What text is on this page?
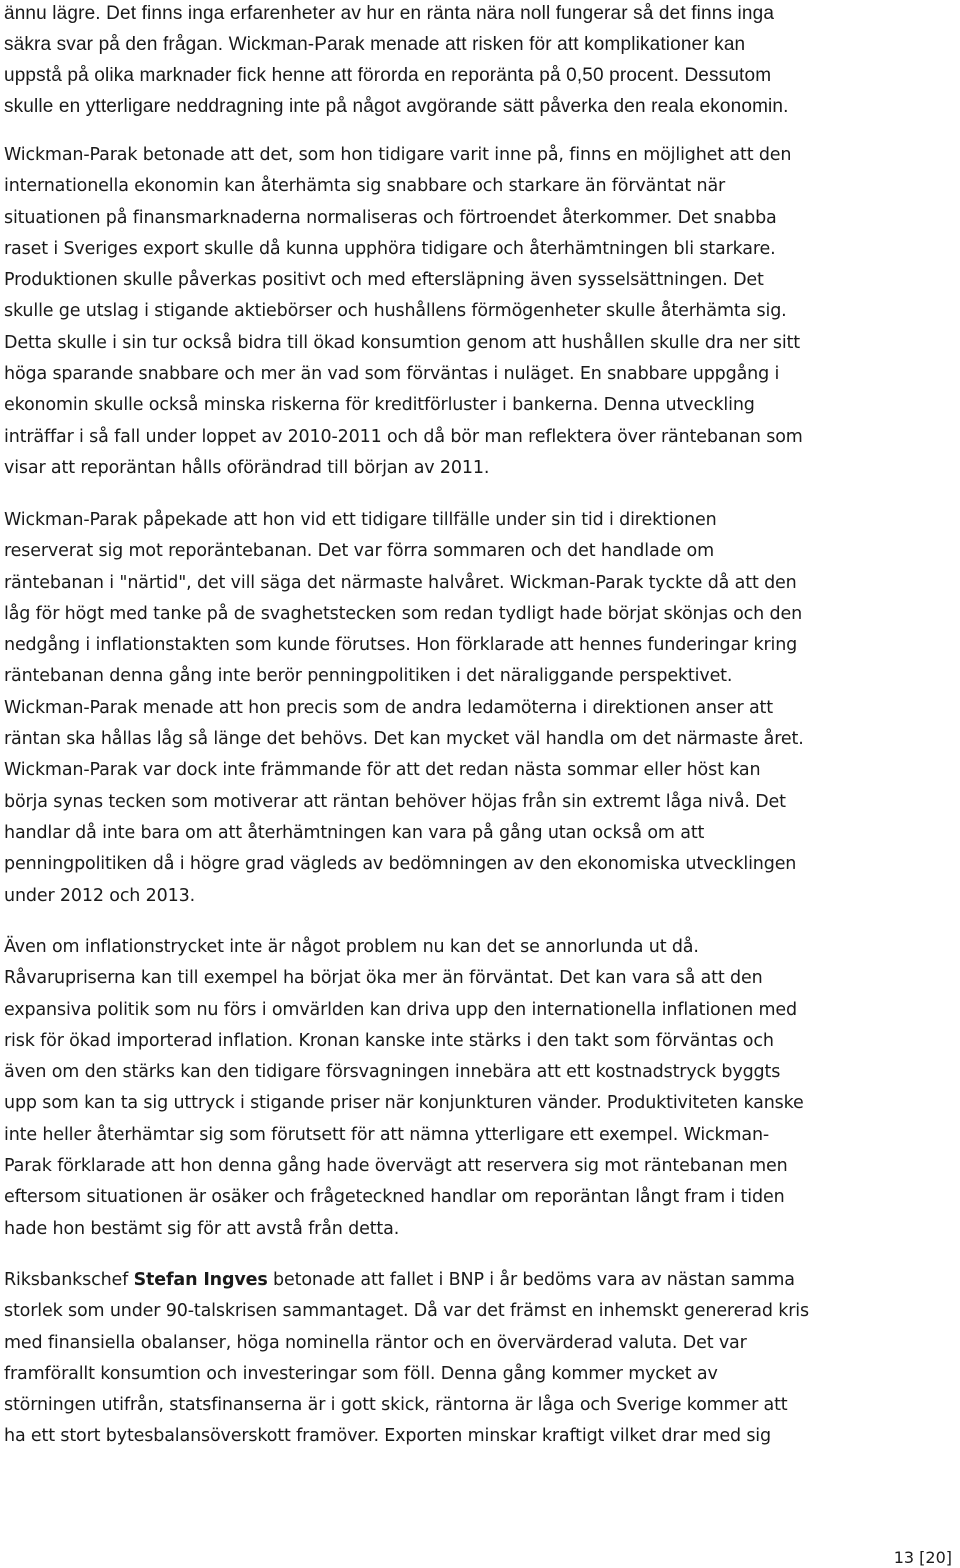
ännu lägre. Det finns inga erfarenheter av hur en ränta nära noll fungerar så det finns inga
säkra svar på den frågan. Wickman-Parak menade att risken för att komplikationer kan
uppstå på olika marknader fick henne att förorda en reporänta på 0,50 procent. Dessutom
skulle en ytterligare neddragning inte på något avgörande sätt påverka den reala ekonomin.
Wickman-Parak betonade att det, som hon tidigare varit inne på, finns en möjlighet att den
internationella ekonomin kan återhämta sig snabbare och starkare än förväntat när
situationen på finansmarknaderna normaliseras och förtroendet återkommer. Det snabba
raset i Sveriges export skulle då kunna upphöra tidigare och återhämtningen bli starkare.
Produktionen skulle påverkas positivt och med eftersläpning även sysselsättningen. Det
skulle ge utslag i stigande aktiebörser och hushållens förmögenheter skulle återhämta sig.
Detta skulle i sin tur också bidra till ökad konsumtion genom att hushållen skulle dra ner sitt
höga sparande snabbare och mer än vad som förväntas i nuläget. En snabbare uppgång i
ekonomin skulle också minska riskerna för kreditförluster i bankerna. Denna utveckling
inträffar i så fall under loppet av 2010-2011 och då bör man reflektera över räntebanan som
visar att reporäntan hålls oförändrad till början av 2011.
Wickman-Parak påpekade att hon vid ett tidigare tillfälle under sin tid i direktionen
reserverat sig mot reporäntebanan. Det var förra sommaren och det handlade om
räntebanan i "närtid", det vill säga det närmaste halvåret. Wickman-Parak tyckte då att den
låg för högt med tanke på de svaghetstecken som redan tydligt hade börjat skönjas och den
nedgång i inflationstakten som kunde förutses. Hon förklarade att hennes funderingar kring
räntebanan denna gång inte berör penningpolitiken i det näraliggande perspektivet.
Wickman-Parak menade att hon precis som de andra ledamöterna i direktionen anser att
räntan ska hållas låg så länge det behövs. Det kan mycket väl handla om det närmaste året.
Wickman-Parak var dock inte främmande för att det redan nästa sommar eller höst kan
börja synas tecken som motiverar att räntan behöver höjas från sin extremt låga nivå. Det
handlar då inte bara om att återhämtningen kan vara på gång utan också om att
penningpolitiken då i högre grad vägleds av bedömningen av den ekonomiska utvecklingen
under 2012 och 2013.
Även om inflationstrycket inte är något problem nu kan det se annorlunda ut då.
Råvarupriserna kan till exempel ha börjat öka mer än förväntat. Det kan vara så att den
expansiva politik som nu förs i omvärlden kan driva upp den internationella inflationen med
risk för ökad importerad inflation. Kronan kanske inte stärks i den takt som förväntas och
även om den stärks kan den tidigare försvagningen innebära att ett kostnadstryck byggts
upp som kan ta sig uttryck i stigande priser när konjunkturen vänder. Produktiviteten kanske
inte heller återhämtar sig som förutsett för att nämna ytterligare ett exempel. Wickman-
Parak förklarade att hon denna gång hade övervägt att reservera sig mot räntebanan men
eftersom situationen är osäker och frågeteckned handlar om reporäntan långt fram i tiden
hade hon bestämt sig för att avstå från detta.
Riksbankschef Stefan Ingves betonade att fallet i BNP i år bedöms vara av nästan samma
storlek som under 90-talskrisen sammantaget. Då var det främst en inhemskt genererad kris
med finansiella obalanser, höga nominella räntor och en övervärderad valuta. Det var
framförallt konsumtion och investeringar som föll. Denna gång kommer mycket av
störningen utifrån, statsfinanserna är i gott skick, räntorna är låga och Sverige kommer att
ha ett stort bytesbalansöverskott framöver. Exporten minskar kraftigt vilket drar med sig
13 [20]
